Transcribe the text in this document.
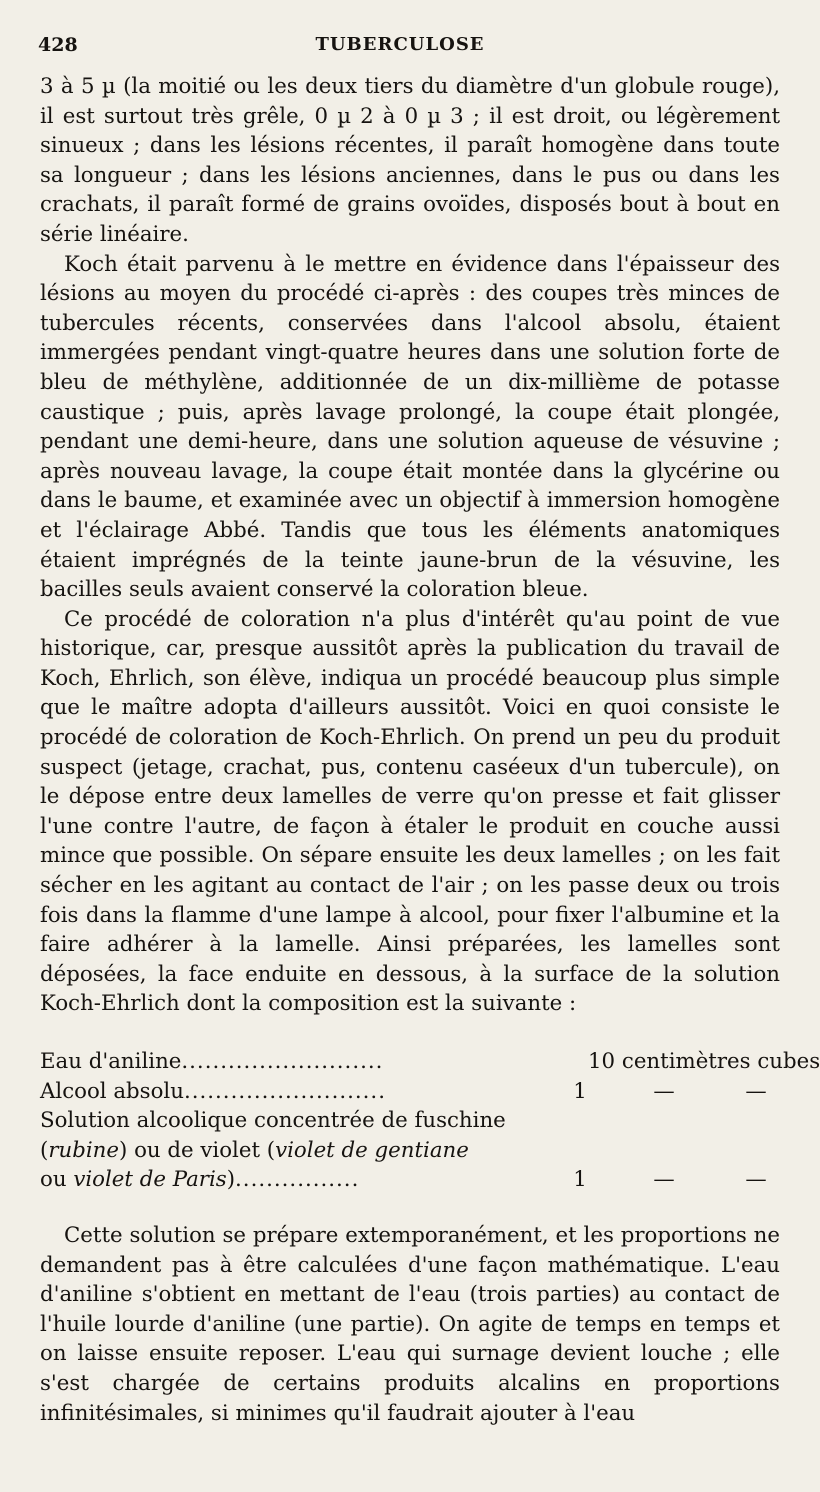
428	TUBERCULOSE

3 à 5 µ (la moitié ou les deux tiers du diamètre d'un globule rouge), il est surtout très grêle, 0 µ 2 à 0 µ 3 ; il est droit, ou légèrement sinueux ; dans les lésions récentes, il paraît homogène dans toute sa longueur ; dans les lésions anciennes, dans le pus ou dans les crachats, il paraît formé de grains ovoïdes, disposés bout à bout en série linéaire.

Koch était parvenu à le mettre en évidence dans l'épaisseur des lésions au moyen du procédé ci-après : des coupes très minces de tubercules récents, conservées dans l'alcool absolu, étaient immergées pendant vingt-quatre heures dans une solution forte de bleu de méthylène, additionnée de un dix-millième de potasse caustique ; puis, après lavage prolongé, la coupe était plongée, pendant une demi-heure, dans une solution aqueuse de vésuvine ; après nouveau lavage, la coupe était montée dans la glycérine ou dans le baume, et examinée avec un objectif à immersion homogène et l'éclairage Abbé. Tandis que tous les éléments anatomiques étaient imprégnés de la teinte jaune-brun de la vésuvine, les bacilles seuls avaient conservé la coloration bleue.

Ce procédé de coloration n'a plus d'intérêt qu'au point de vue historique, car, presque aussitôt après la publication du travail de Koch, Ehrlich, son élève, indiqua un procédé beaucoup plus simple que le maître adopta d'ailleurs aussitôt. Voici en quoi consiste le procédé de coloration de Koch-Ehrlich. On prend un peu du produit suspect (jetage, crachat, pus, contenu caséeux d'un tubercule), on le dépose entre deux lamelles de verre qu'on presse et fait glisser l'une contre l'autre, de façon à étaler le produit en couche aussi mince que possible. On sépare ensuite les deux lamelles ; on les fait sécher en les agitant au contact de l'air ; on les passe deux ou trois fois dans la flamme d'une lampe à alcool, pour fixer l'albumine et la faire adhérer à la lamelle. Ainsi préparées, les lamelles sont déposées, la face enduite en dessous, à la surface de la solution Koch-Ehrlich dont la composition est la suivante :

Eau d'aniline..........................	10 centimètres cubes
Alcool absolu..........................	1	—	—
Solution alcoolique concentrée de fuschine
(rubine) ou de violet (violet de gentiane
ou violet de Paris)................	1	—	—

Cette solution se prépare extemporanément, et les proportions ne demandent pas à être calculées d'une façon mathématique. L'eau d'aniline s'obtient en mettant de l'eau (trois parties) au contact de l'huile lourde d'aniline (une partie). On agite de temps en temps et on laisse ensuite reposer. L'eau qui surnage devient louche ; elle s'est chargée de certains produits alcalins en proportions infinitésimales, si minimes qu'il faudrait ajouter à l'eau
